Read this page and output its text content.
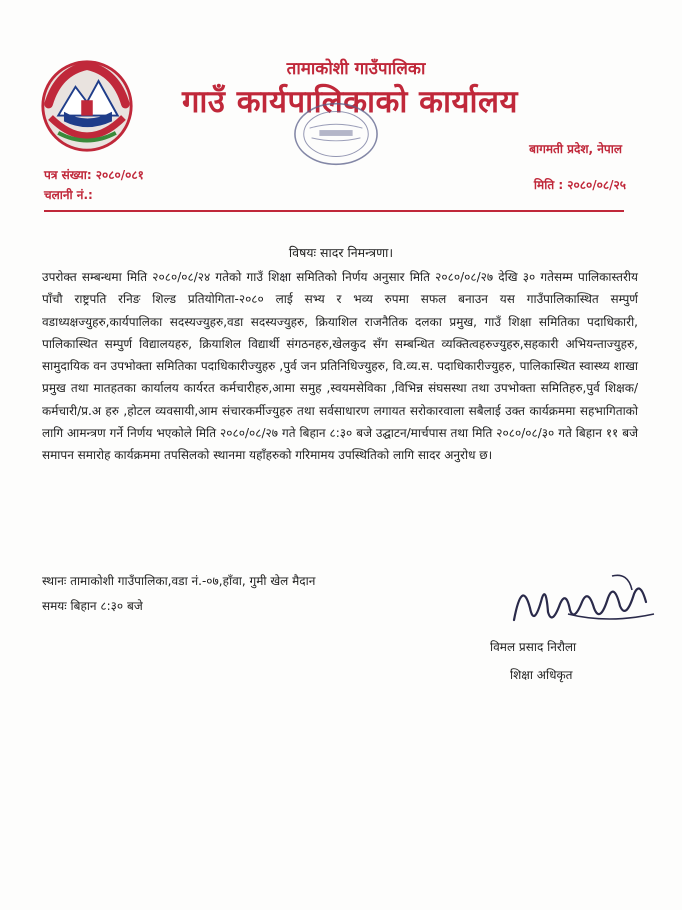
तामाकोशी गाउँपालिका
गाउँ कार्यपालिकाको कार्यालय
बागमती प्रदेश, नेपाल
पत्र संख्या: २०८०/०८१
चलानी नं.:
मिति : २०८०/०८/२५
विषयः सादर निमन्त्रणा।
उपरोक्त सम्बन्धमा मिति २०८०/०८/२४ गतेको गाउँ शिक्षा समितिको निर्णय अनुसार मिति २०८०/०८/२७ देखि ३० गतेसम्म पालिकास्तरीय पाँचौ राष्ट्रपति रनिङ शिल्ड प्रतियोगिता-२०८० लाई सभ्य र भव्य रुपमा सफल बनाउन यस गाउँपालिकास्थित सम्पुर्ण वडाध्यक्षज्युहरु,कार्यपालिका सदस्यज्युहरु,वडा सदस्यज्युहरु, क्रियाशिल राजनैतिक दलका प्रमुख, गाउँ शिक्षा समितिका पदाधिकारी, पालिकास्थित सम्पुर्ण विद्यालयहरु, क्रियाशिल विद्यार्थी संगठनहरु,खेलकुद सँग सम्बन्धित व्यक्तित्वहरुज्युहरु,सहकारी अभियन्ताज्युहरु, सामुदायिक वन उपभोक्ता समितिका पदाधिकारीज्युहरु ,पुर्व जन प्रतिनिधिज्युहरु, वि.व्य.स. पदाधिकारीज्युहरु, पालिकास्थित स्वास्थ्य शाखा प्रमुख तथा मातहतका कार्यालय कार्यरत कर्मचारीहरु,आमा समुह ,स्वयमसेविका ,विभिन्न संघसस्था तथा उपभोक्ता समितिहरु,पुर्व शिक्षक/कर्मचारी/प्र.अ हरु ,होटल व्यवसायी,आम संचारकर्मीज्युहरु तथा सर्वसाधारण लगायत सरोकारवाला सबैलाई उक्त कार्यक्रममा सहभागिताको लागि आमन्त्रण गर्ने निर्णय भएकोले मिति २०८०/०८/२७ गते बिहान ८:३० बजे उद्घाटन/मार्चपास तथा मिति २०८०/०८/३० गते बिहान ११ बजे समापन समारोह कार्यक्रममा तपसिलको स्थानमा यहाँहरुको गरिमामय उपस्थितिको लागि सादर अनुरोध छ।
स्थानः तामाकोशी गाउँपालिका,वडा नं.-०७,हाँवा, गुमी खेल मैदान
समयः बिहान ८:३० बजे
विमल प्रसाद निरौला
शिक्षा अधिकृत
